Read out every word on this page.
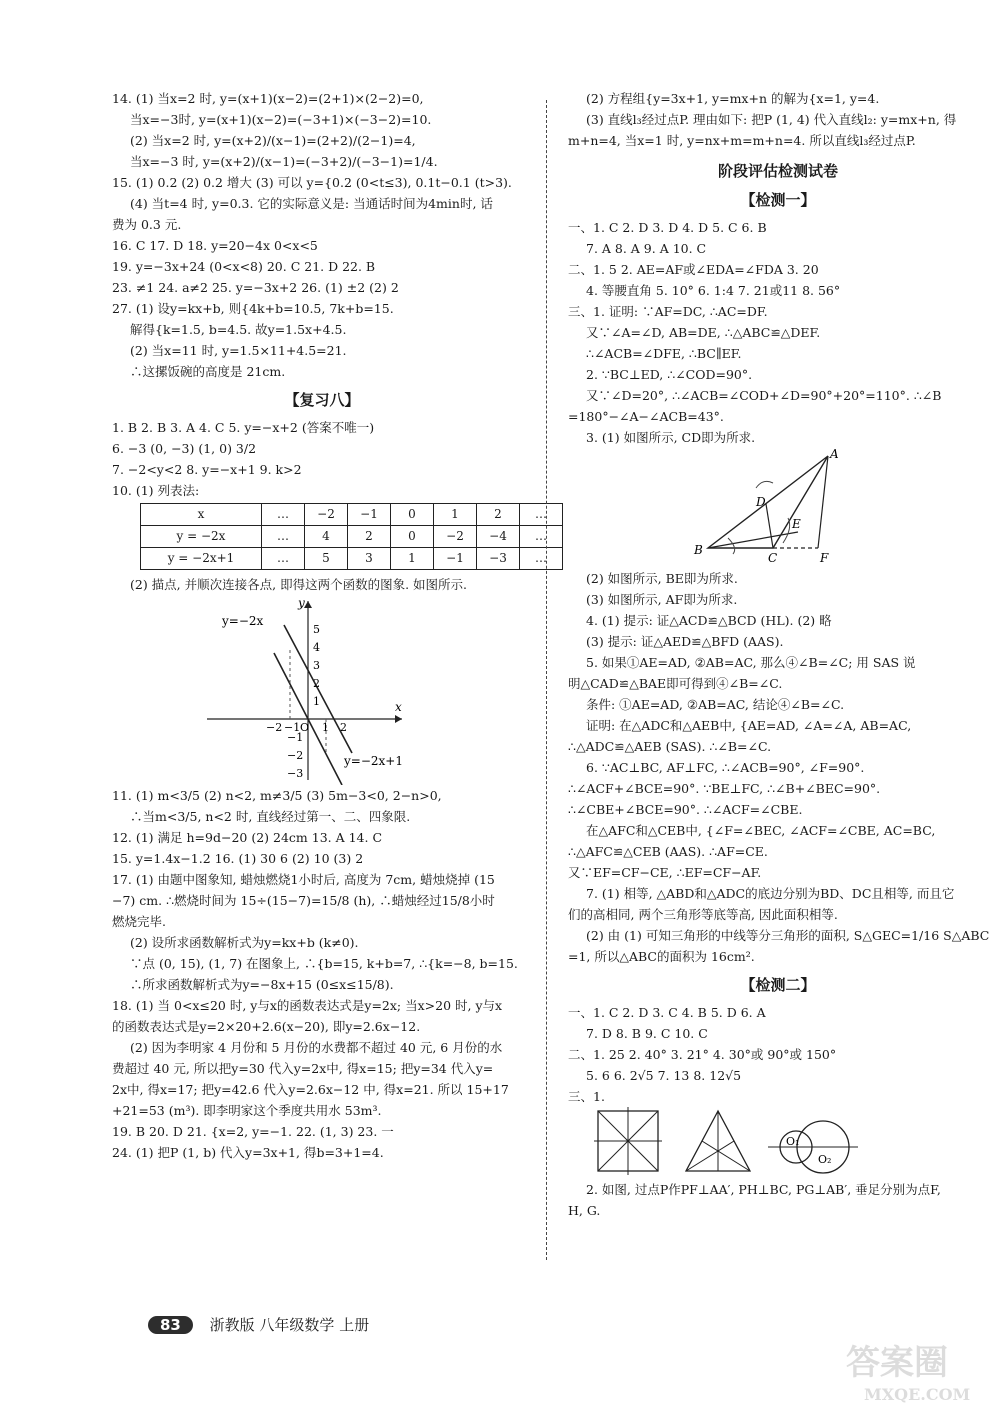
14. (1) 当x=2 时, y=(x+1)(x−2)=(2+1)×(2−2)=0,
当x=−3时, y=(x+1)(x−2)=(−3+1)×(−3−2)=10.
(2) 当x=2 时, y=(x+2)/(x−1)=(2+2)/(2−1)=4,
当x=−3 时, y=(x+2)/(x−1)=(−3+2)/(−3−1)=1/4.
15. (1) 0.2 (2) 0.2 增大 (3) 可以 y={0.2 (0<t≤3), 0.1t−0.1 (t>3).
(4) 当t=4 时, y=0.3. 它的实际意义是: 当通话时间为4min时, 话
费为 0.3 元.
16. C 17. D 18. y=20−4x 0<x<5
19. y=−3x+24 (0<x<8) 20. C 21. D 22. B
23. ≠1 24. a≠2 25. y=−3x+2 26. (1) ±2 (2) 2
27. (1) 设y=kx+b, 则{4k+b=10.5, 7k+b=15.
解得{k=1.5, b=4.5. 故y=1.5x+4.5.
(2) 当x=11 时, y=1.5×11+4.5=21.
∴这摞饭碗的高度是 21cm.
【复习八】
1. B 2. B 3. A 4. C 5. y=−x+2 (答案不唯一)
6. −3 (0, −3) (1, 0) 3/2
7. −2<y<2 8. y=−x+1 9. k>2
10. (1) 列表法:
x	…	−2	−1	0	1	2	…
y = −2x	…	4	2	0	−2	−4	…
y = −2x+1	…	5	3	1	−1	−3	…
(2) 描点, 并顺次连接各点, 即得这两个函数的图象. 如图所示.
y=−2x
y=−2x+1
x
y
O
−2 −1 1 2
5
4
3
2
1
−1
−2
−3
11. (1) m<3/5 (2) n<2, m≠3/5 (3) 5m−3<0, 2−n>0,
∴当m<3/5, n<2 时, 直线经过第一、二、四象限.
12. (1) 满足 h=9d−20 (2) 24cm 13. A 14. C
15. y=1.4x−1.2 16. (1) 30 6 (2) 10 (3) 2
17. (1) 由题中图象知, 蜡烛燃烧1小时后, 高度为 7cm, 蜡烛烧掉 (15
−7) cm. ∴燃烧时间为 15÷(15−7)=15/8 (h), ∴蜡烛经过15/8小时
燃烧完毕.
(2) 设所求函数解析式为y=kx+b (k≠0).
∵点 (0, 15), (1, 7) 在图象上, ∴{b=15, k+b=7, ∴{k=−8, b=15.
∴所求函数解析式为y=−8x+15 (0≤x≤15/8).
18. (1) 当 0<x≤20 时, y与x的函数表达式是y=2x; 当x>20 时, y与x
的函数表达式是y=2×20+2.6(x−20), 即y=2.6x−12.
(2) 因为李明家 4 月份和 5 月份的水费都不超过 40 元, 6 月份的水
费超过 40 元, 所以把y=30 代入y=2x中, 得x=15; 把y=34 代入y=
2x中, 得x=17; 把y=42.6 代入y=2.6x−12 中, 得x=21. 所以 15+17
+21=53 (m³). 即李明家这个季度共用水 53m³.
19. B 20. D 21. {x=2, y=−1. 22. (1, 3) 23. 一
24. (1) 把P (1, b) 代入y=3x+1, 得b=3+1=4.
(2) 方程组{y=3x+1, y=mx+n 的解为{x=1, y=4.
(3) 直线l₃经过点P. 理由如下: 把P (1, 4) 代入直线l₂: y=mx+n, 得
m+n=4, 当x=1 时, y=nx+m=m+n=4. 所以直线l₃经过点P.
阶段评估检测试卷
【检测一】
一、1. C 2. D 3. D 4. D 5. C 6. B
7. A 8. A 9. A 10. C
二、1. 5 2. AE=AF或∠EDA=∠FDA 3. 20
4. 等腰直角 5. 10° 6. 1:4 7. 21或11 8. 56°
三、1. 证明: ∵AF=DC, ∴AC=DF.
又∵∠A=∠D, AB=DE, ∴△ABC≌△DEF.
∴∠ACB=∠DFE, ∴BC∥EF.
2. ∵BC⊥ED, ∴∠COD=90°.
又∵∠D=20°, ∴∠ACB=∠COD+∠D=90°+20°=110°. ∴∠B
=180°−∠A−∠ACB=43°.
3. (1) 如图所示, CD即为所求.
A
B
C
D
E
F
(2) 如图所示, BE即为所求.
(3) 如图所示, AF即为所求.
4. (1) 提示: 证△ACD≌△BCD (HL). (2) 略
(3) 提示: 证△AED≌△BFD (AAS).
5. 如果①AE=AD, ②AB=AC, 那么④∠B=∠C; 用 SAS 说
明△CAD≌△BAE即可得到④∠B=∠C.
条件: ①AE=AD, ②AB=AC, 结论④∠B=∠C.
证明: 在△ADC和△AEB中, {AE=AD, ∠A=∠A, AB=AC,
∴△ADC≌△AEB (SAS). ∴∠B=∠C.
6. ∵AC⊥BC, AF⊥FC, ∴∠ACB=90°, ∠F=90°.
∴∠ACF+∠BCE=90°. ∵BE⊥FC, ∴∠B+∠BEC=90°.
∴∠CBE+∠BCE=90°. ∴∠ACF=∠CBE.
在△AFC和△CEB中, {∠F=∠BEC, ∠ACF=∠CBE, AC=BC,
∴△AFC≌△CEB (AAS). ∴AF=CE.
又∵EF=CF−CE, ∴EF=CF−AF.
7. (1) 相等, △ABD和△ADC的底边分别为BD、DC且相等, 而且它
们的高相同, 两个三角形等底等高, 因此面积相等.
(2) 由 (1) 可知三角形的中线等分三角形的面积, S△GEC=1/16 S△ABC
=1, 所以△ABC的面积为 16cm².
【检测二】
一、1. C 2. D 3. C 4. B 5. D 6. A
7. D 8. B 9. C 10. C
二、1. 25 2. 40° 3. 21° 4. 30°或 90°或 150°
5. 6 6. 2√5 7. 13 8. 12√5
三、1.
O₁
O₂
2. 如图, 过点P作PF⊥AA′, PH⊥BC, PG⊥AB′, 垂足分别为点F,
H, G.
83 浙教版 八年级数学 上册
答案圈
MXQE.COM
